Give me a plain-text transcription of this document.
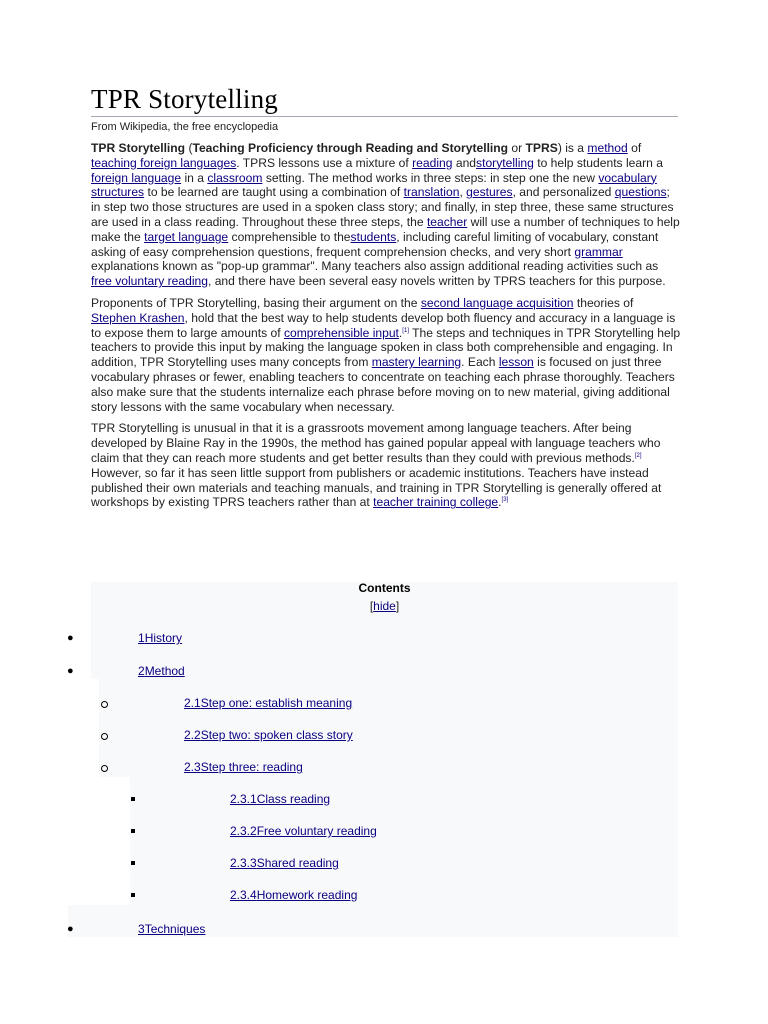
TPR Storytelling
From Wikipedia, the free encyclopedia

TPR Storytelling (Teaching Proficiency through Reading and Storytelling or TPRS) is a method of teaching foreign languages. TPRS lessons use a mixture of reading andstorytelling to help students learn a foreign language in a classroom setting. The method works in three steps: in step one the new vocabulary structures to be learned are taught using a combination of translation, gestures, and personalized questions; in step two those structures are used in a spoken class story; and finally, in step three, these same structures are used in a class reading. Throughout these three steps, the teacher will use a number of techniques to help make the target language comprehensible to thestudents, including careful limiting of vocabulary, constant asking of easy comprehension questions, frequent comprehension checks, and very short grammar explanations known as "pop-up grammar". Many teachers also assign additional reading activities such as free voluntary reading, and there have been several easy novels written by TPRS teachers for this purpose.

Proponents of TPR Storytelling, basing their argument on the second language acquisition theories of Stephen Krashen, hold that the best way to help students develop both fluency and accuracy in a language is to expose them to large amounts of comprehensible input.[1] The steps and techniques in TPR Storytelling help teachers to provide this input by making the language spoken in class both comprehensible and engaging. In addition, TPR Storytelling uses many concepts from mastery learning. Each lesson is focused on just three vocabulary phrases or fewer, enabling teachers to concentrate on teaching each phrase thoroughly. Teachers also make sure that the students internalize each phrase before moving on to new material, giving additional story lessons with the same vocabulary when necessary.

TPR Storytelling is unusual in that it is a grassroots movement among language teachers. After being developed by Blaine Ray in the 1990s, the method has gained popular appeal with language teachers who claim that they can reach more students and get better results than they could with previous methods.[2] However, so far it has seen little support from publishers or academic institutions. Teachers have instead published their own materials and teaching manuals, and training in TPR Storytelling is generally offered at workshops by existing TPRS teachers rather than at teacher training college.[3]

Contents
[hide]
●	1History
●	2Method
2.1Step one: establish meaning
2.2Step two: spoken class story
2.3Step three: reading
2.3.1Class reading
2.3.2Free voluntary reading
2.3.3Shared reading
2.3.4Homework reading
●	3Techniques
